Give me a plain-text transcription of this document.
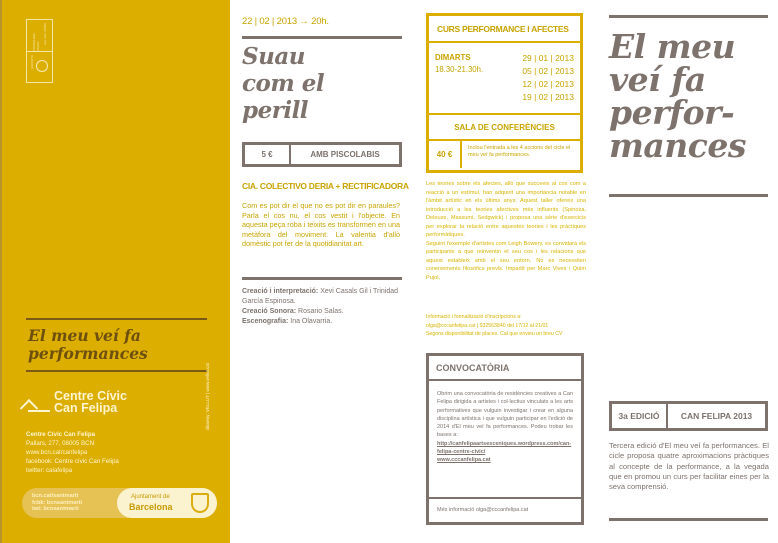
FRANQUEIG PAGAT
Aut. núm. 00000
ESPANYA
El meu veí fa performances
Centre Cívic
Can Felipa
Centre Cívic Can Felipa
Pallars, 277, 08005 BCN
www.bcn.cat/canfelipa
facebook: Centre cívic Can Felipa
twitter: calafelipa
bcn.cat/santmarti
fcbk: bcnsantmarti
twt: bcnsantmarti
Ajuntament de
Barcelona
disseny: VELLUT | www.vellut.cat
22 | 02 | 2013 → 20h.
Suau
com el
perill
5 €	AMB PISCOLABIS
CIA. COLECTIVO DERIA + RECTIFICADORA
Com es pot dir el que no es pot dir en paraules? Parla el cos nu, el cos vestit i l'objecte. En aquesta peça roba i teixits es transformen en una metàfora del moviment. La valentia d'allò domèstic pot fer de la quotidianitat art.
Creació i interpretació: Xevi Casals Gil i Trinidad García Espinosa.
Creació Sonora: Rosario Salas.
Escenografia: Ina Olavarria.
CURS PERFORMANCE I AFECTES
DIMARTS
18.30-21.30h.
29 | 01 | 2013
05 | 02 | 2013
12 | 02 | 2013
19 | 02 | 2013
SALA DE CONFERÈNCIES
40 €
Inclou l'entrada a les 4 accions del cicle el meu veí fa performances.
Les teories sobre els afectes, allò que succeeix al cos com a reacció a un estímul, han adquirit una importància notable en l'àmbit artístic en els últims anys. Aquest taller ofereix una introducció a les teories afectives més influents (Spinoza, Deleuze, Massumi, Sedgwick) i proposa una sèrie d'exercicis per explorar la relació entre aquestes teories i les pràctiques performàtiques.
Seguint l'exemple d'artistes com Leigh Bowery, es convidarà els participants a que reinventin el seu cos i les relacions que aquest estableix amb el seu entorn. No es necessiten coneixements filosòfics previs. Impartit per Marc Vives i Quim Pujol.
Informació i formalització d'inscripcions a:
olga@cccanfelipa.cat | 932563840 del 17/12 al 21/01
Segons disponibilitat de places. Cal que envieu un breu CV
CONVOCATÒRIA
Obrim una convocatòria de residències creatives a Can Felipa dirigida a artistes i col·lectius vinculats a les arts performatives que vulguin investigar i crear en alguna disciplina artística i que vulguin participar en l'edició de 2014 d'El meu veí fa performances. Podeu trobar les bases a:
http://canfelipaartsesceniques.wordpress.com/can-felipa-centre-civic/
www.cccanfelipa.cat
Més informació olga@cccanfelipa.cat
El meu
veí fa
perfor-
mances
3a EDICIÓ	CAN FELIPA 2013
Tercera edició d'El meu veí fa performances. El cicle proposa quatre aproximacions pràctiques al concepte de la performance, a la vegada que en promou un curs per facilitar eines per la seva comprensió.
